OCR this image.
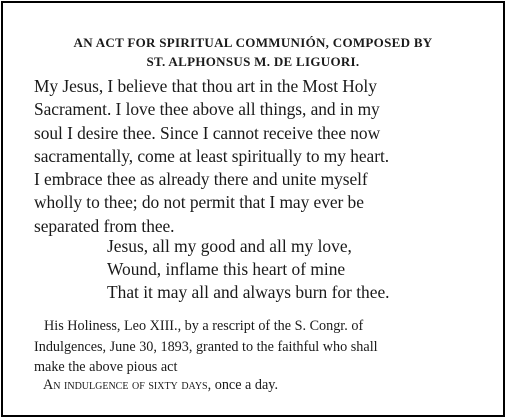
AN ACT FOR SPIRITUAL COMMUNIÓN, COMPOSED BY
ST. ALPHONSUS M. DE LIGUORI.
My Jesus, I believe that thou art in the Most Holy
Sacrament. I love thee above all things, and in my
soul I desire thee. Since I cannot receive thee now
sacramentally, come at least spiritually to my heart.
I embrace thee as already there and unite myself
wholly to thee; do not permit that I may ever be
separated from thee.
Jesus, all my good and all my love,
Wound, inflame this heart of mine
That it may all and always burn for thee.
His Holiness, Leo XIII., by a rescript of the S. Congr. of
Indulgences, June 30, 1893, granted to the faithful who shall
make the above pious act
An indulgence of sixty days, once a day.
